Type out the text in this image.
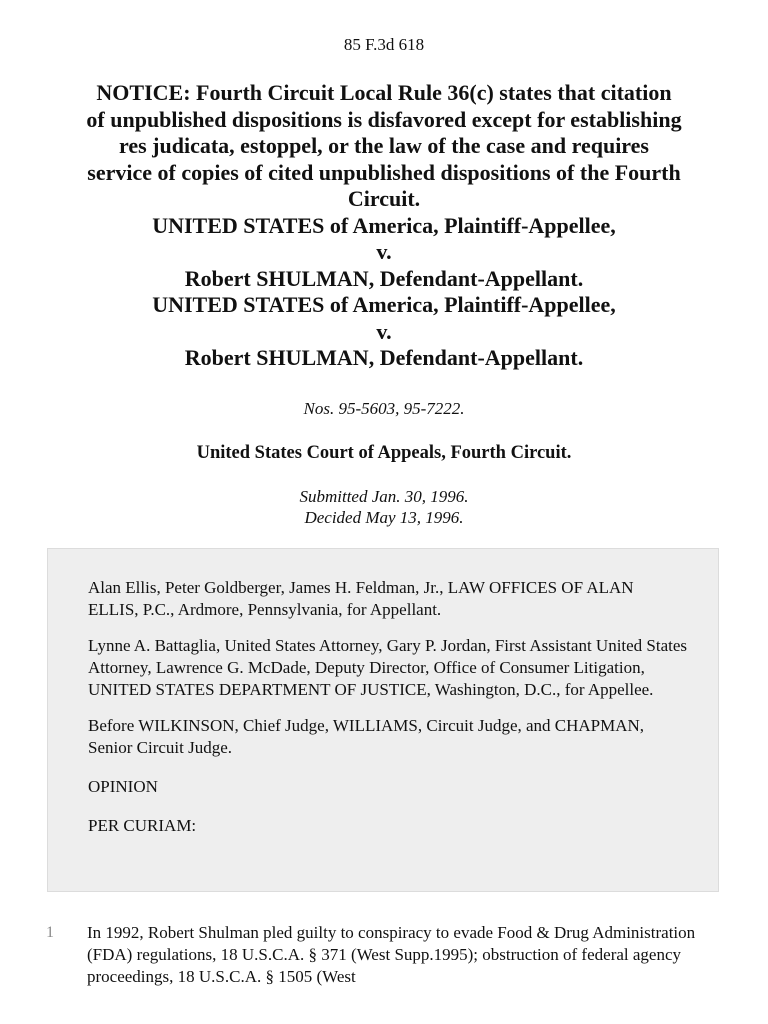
85 F.3d 618
NOTICE: Fourth Circuit Local Rule 36(c) states that citation
of unpublished dispositions is disfavored except for establishing
res judicata, estoppel, or the law of the case and requires
service of copies of cited unpublished dispositions of the Fourth
Circuit.
UNITED STATES of America, Plaintiff-Appellee,
v.
Robert SHULMAN, Defendant-Appellant.
UNITED STATES of America, Plaintiff-Appellee,
v.
Robert SHULMAN, Defendant-Appellant.
Nos. 95-5603, 95-7222.
United States Court of Appeals, Fourth Circuit.
Submitted Jan. 30, 1996.
Decided May 13, 1996.

Alan Ellis, Peter Goldberger, James H. Feldman, Jr., LAW OFFICES OF ALAN ELLIS, P.C., Ardmore, Pennsylvania, for Appellant.

Lynne A. Battaglia, United States Attorney, Gary P. Jordan, First Assistant United States Attorney, Lawrence G. McDade, Deputy Director, Office of Consumer Litigation, UNITED STATES DEPARTMENT OF JUSTICE, Washington, D.C., for Appellee.

Before WILKINSON, Chief Judge, WILLIAMS, Circuit Judge, and CHAPMAN, Senior Circuit Judge.

OPINION

PER CURIAM:

1 In 1992, Robert Shulman pled guilty to conspiracy to evade Food & Drug Administration (FDA) regulations, 18 U.S.C.A. § 371 (West Supp.1995); obstruction of federal agency proceedings, 18 U.S.C.A. § 1505 (West
